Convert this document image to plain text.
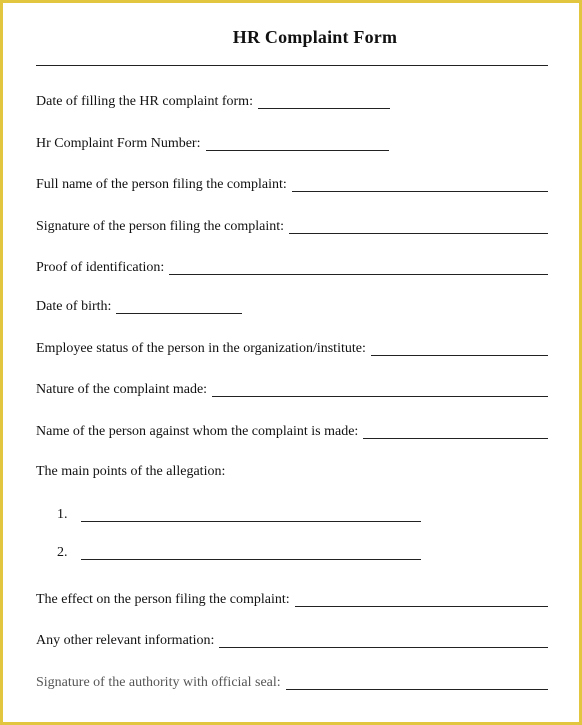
HR Complaint Form
Date of filling the HR complaint form:
Hr Complaint Form Number:
Full name of the person filing the complaint:
Signature of the person filing the complaint:
Proof of identification:
Date of birth:
Employee status of the person in the organization/institute:
Nature of the complaint made:
Name of the person against whom the complaint is made:
The main points of the allegation:
1.
2.
The effect on the person filing the complaint:
Any other relevant information:
Signature of the authority with official seal:
